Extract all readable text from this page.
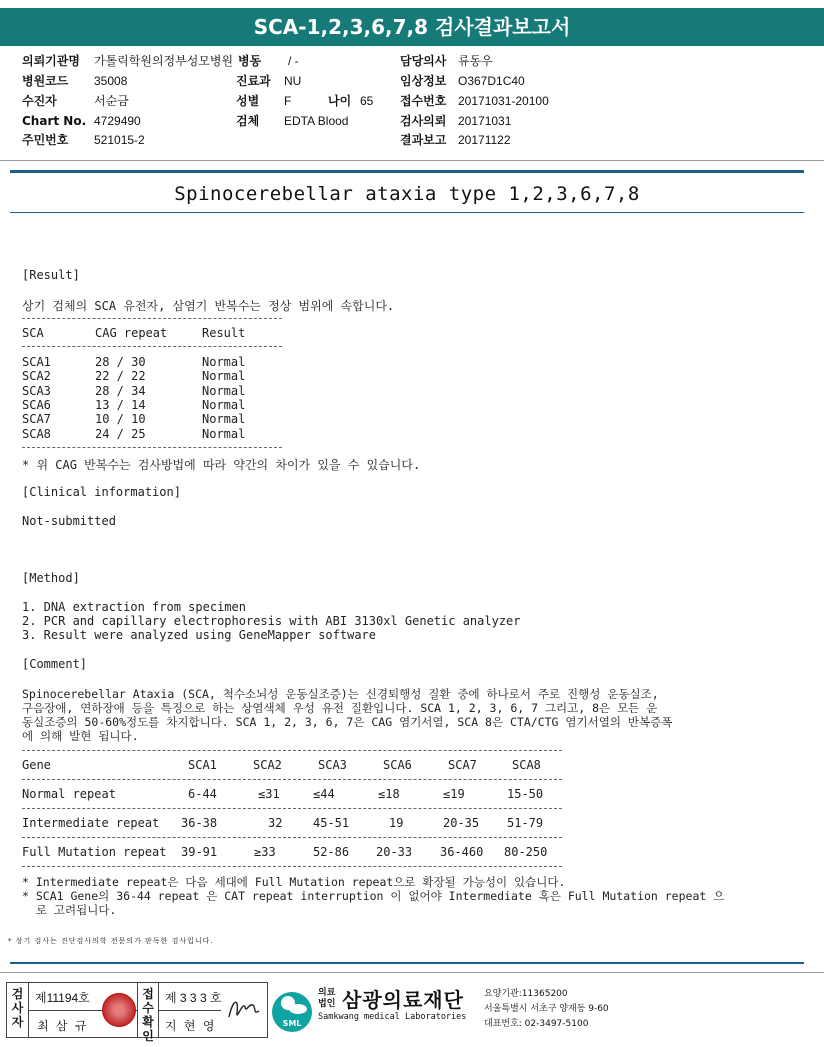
SCA-1,2,3,6,7,8 검사결과보고서
의뢰기관명 가톨릭학원의정부성모병원 병동 / -	담당의사 류동우
병원코드 35008	진료과 NU	임상정보 O367D1C40
수진자	서순금	성별 F	나이 65 접수번호 20171031-20100
Chart No. 4729490	검체 EDTA Blood	검사의뢰 20171031
주민번호 521015-2	결과보고 20171122
Spinocerebellar ataxia type 1,2,3,6,7,8
[Result]
상기 검체의 SCA 유전자, 삼염기 반복수는 정상 범위에 속합니다.
SCA	CAG repeat	Result
SCA1	28 / 30	Normal
SCA2	22 / 22	Normal
SCA3	28 / 34	Normal
SCA6	13 / 14	Normal
SCA7	10 / 10	Normal
SCA8	24 / 25	Normal
* 위 CAG 반복수는 검사방법에 따라 약간의 차이가 있을 수 있습니다.
[Clinical information]
Not-submitted
[Method]
1. DNA extraction from specimen
2. PCR and capillary electrophoresis with ABI 3130xl Genetic analyzer
3. Result were analyzed using GeneMapper software
[Comment]
Spinocerebellar Ataxia (SCA, 척수소뇌성 운동실조증)는 신경퇴행성 질환 중에 하나로서 주로 진행성 운동실조,
구음장애, 연하장애 등을 특징으로 하는 상염색체 우성 유전 질환입니다. SCA 1, 2, 3, 6, 7 그리고, 8은 모든 운
동실조증의 50-60%정도를 차지합니다. SCA 1, 2, 3, 6, 7은 CAG 염기서열, SCA 8은 CTA/CTG 염기서열의 반복증폭
에 의해 발현 됩니다.
Gene	SCA1	SCA2	SCA3	SCA6	SCA7	SCA8
Normal repeat	6-44	≤31	≤44	≤18	≤19	15-50
Intermediate repeat 36-38	32	45-51	19	20-35 51-79
Full Mutation repeat 39-91	≥33	52-86 20-33 36-460 80-250
* Intermediate repeat은 다음 세대에 Full Mutation repeat으로 확장될 가능성이 있습니다.
* SCA1 Gene의 36-44 repeat 은 CAT repeat interruption 이 없어야 Intermediate 혹은 Full Mutation repeat 으
로 고려됩니다.
* 상기 검사는 진단검사의학 전문의가 판독한 검사입니다.
검사자
제11194호
최 삼 규
접수확인
제 3 3 3 호
지 현 영	SML
의료
법인 삼광의료재단
Samkwang medical Laboratories
요양기관:11365200
서울특별시 서초구 양재동 9-60
대표번호: 02-3497-5100
